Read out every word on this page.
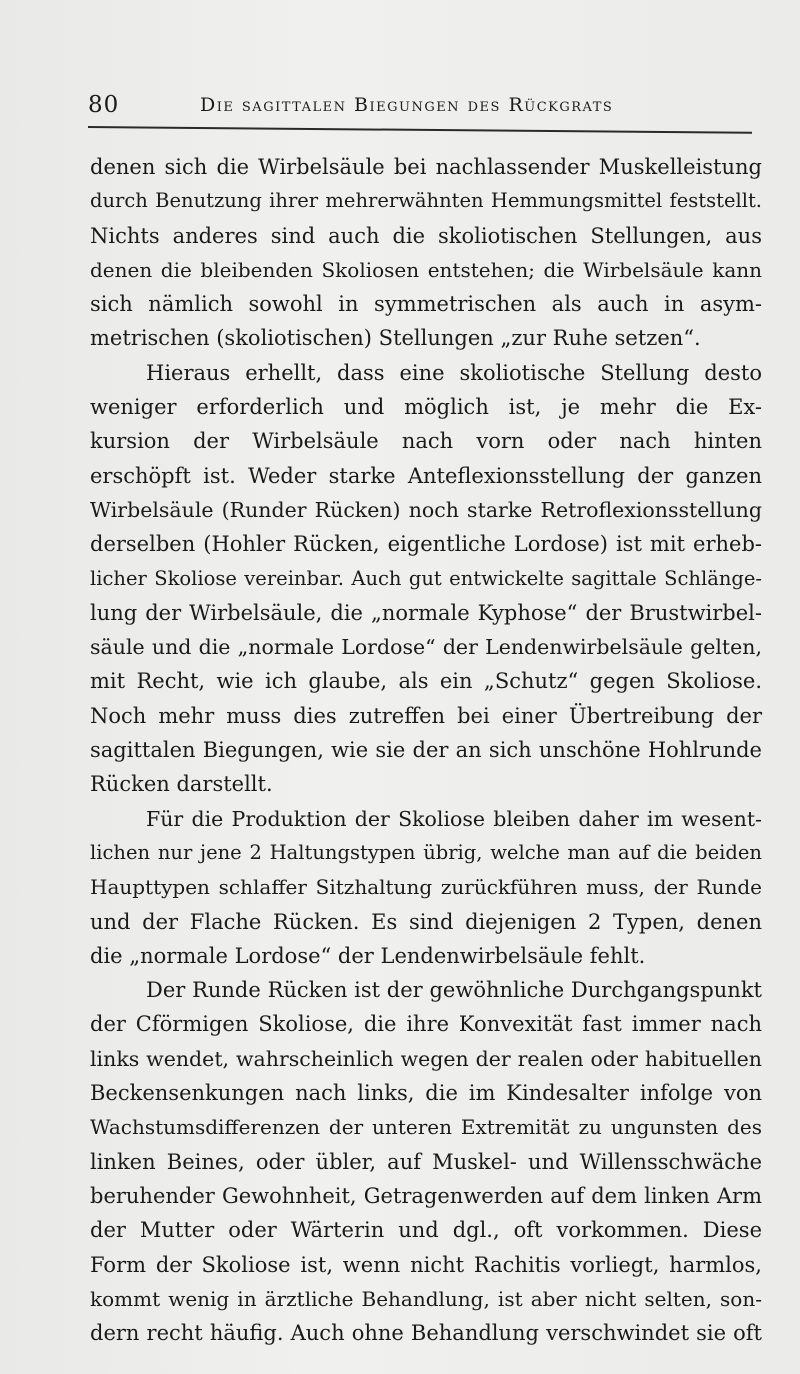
80	Die sagittalen Biegungen des Rückgrats
denen sich die Wirbelsäule bei nachlassender Muskelleistung
durch Benutzung ihrer mehrerwähnten Hemmungsmittel feststellt.
Nichts anderes sind auch die skoliotischen Stellungen, aus
denen die bleibenden Skoliosen entstehen; die Wirbelsäule kann
sich nämlich sowohl in symmetrischen als auch in asym-
metrischen (skoliotischen) Stellungen „zur Ruhe setzen“.
Hieraus erhellt, dass eine skoliotische Stellung desto
weniger erforderlich und möglich ist, je mehr die Ex-
kursion der Wirbelsäule nach vorn oder nach hinten
erschöpft ist. Weder starke Anteflexionsstellung der ganzen
Wirbelsäule (Runder Rücken) noch starke Retroflexionsstellung
derselben (Hohler Rücken, eigentliche Lordose) ist mit erheb-
licher Skoliose vereinbar. Auch gut entwickelte sagittale Schlänge-
lung der Wirbelsäule, die „normale Kyphose“ der Brustwirbel-
säule und die „normale Lordose“ der Lendenwirbelsäule gelten,
mit Recht, wie ich glaube, als ein „Schutz“ gegen Skoliose.
Noch mehr muss dies zutreffen bei einer Übertreibung der
sagittalen Biegungen, wie sie der an sich unschöne Hohlrunde
Rücken darstellt.
Für die Produktion der Skoliose bleiben daher im wesent-
lichen nur jene 2 Haltungstypen übrig, welche man auf die beiden
Haupttypen schlaffer Sitzhaltung zurückführen muss, der Runde
und der Flache Rücken. Es sind diejenigen 2 Typen, denen
die „normale Lordose“ der Lendenwirbelsäule fehlt.
Der Runde Rücken ist der gewöhnliche Durchgangspunkt
der Cförmigen Skoliose, die ihre Konvexität fast immer nach
links wendet, wahrscheinlich wegen der realen oder habituellen
Beckensenkungen nach links, die im Kindesalter infolge von
Wachstumsdifferenzen der unteren Extremität zu ungunsten des
linken Beines, oder übler, auf Muskel- und Willensschwäche
beruhender Gewohnheit, Getragenwerden auf dem linken Arm
der Mutter oder Wärterin und dgl., oft vorkommen. Diese
Form der Skoliose ist, wenn nicht Rachitis vorliegt, harmlos,
kommt wenig in ärztliche Behandlung, ist aber nicht selten, son-
dern recht häufig. Auch ohne Behandlung verschwindet sie oft
